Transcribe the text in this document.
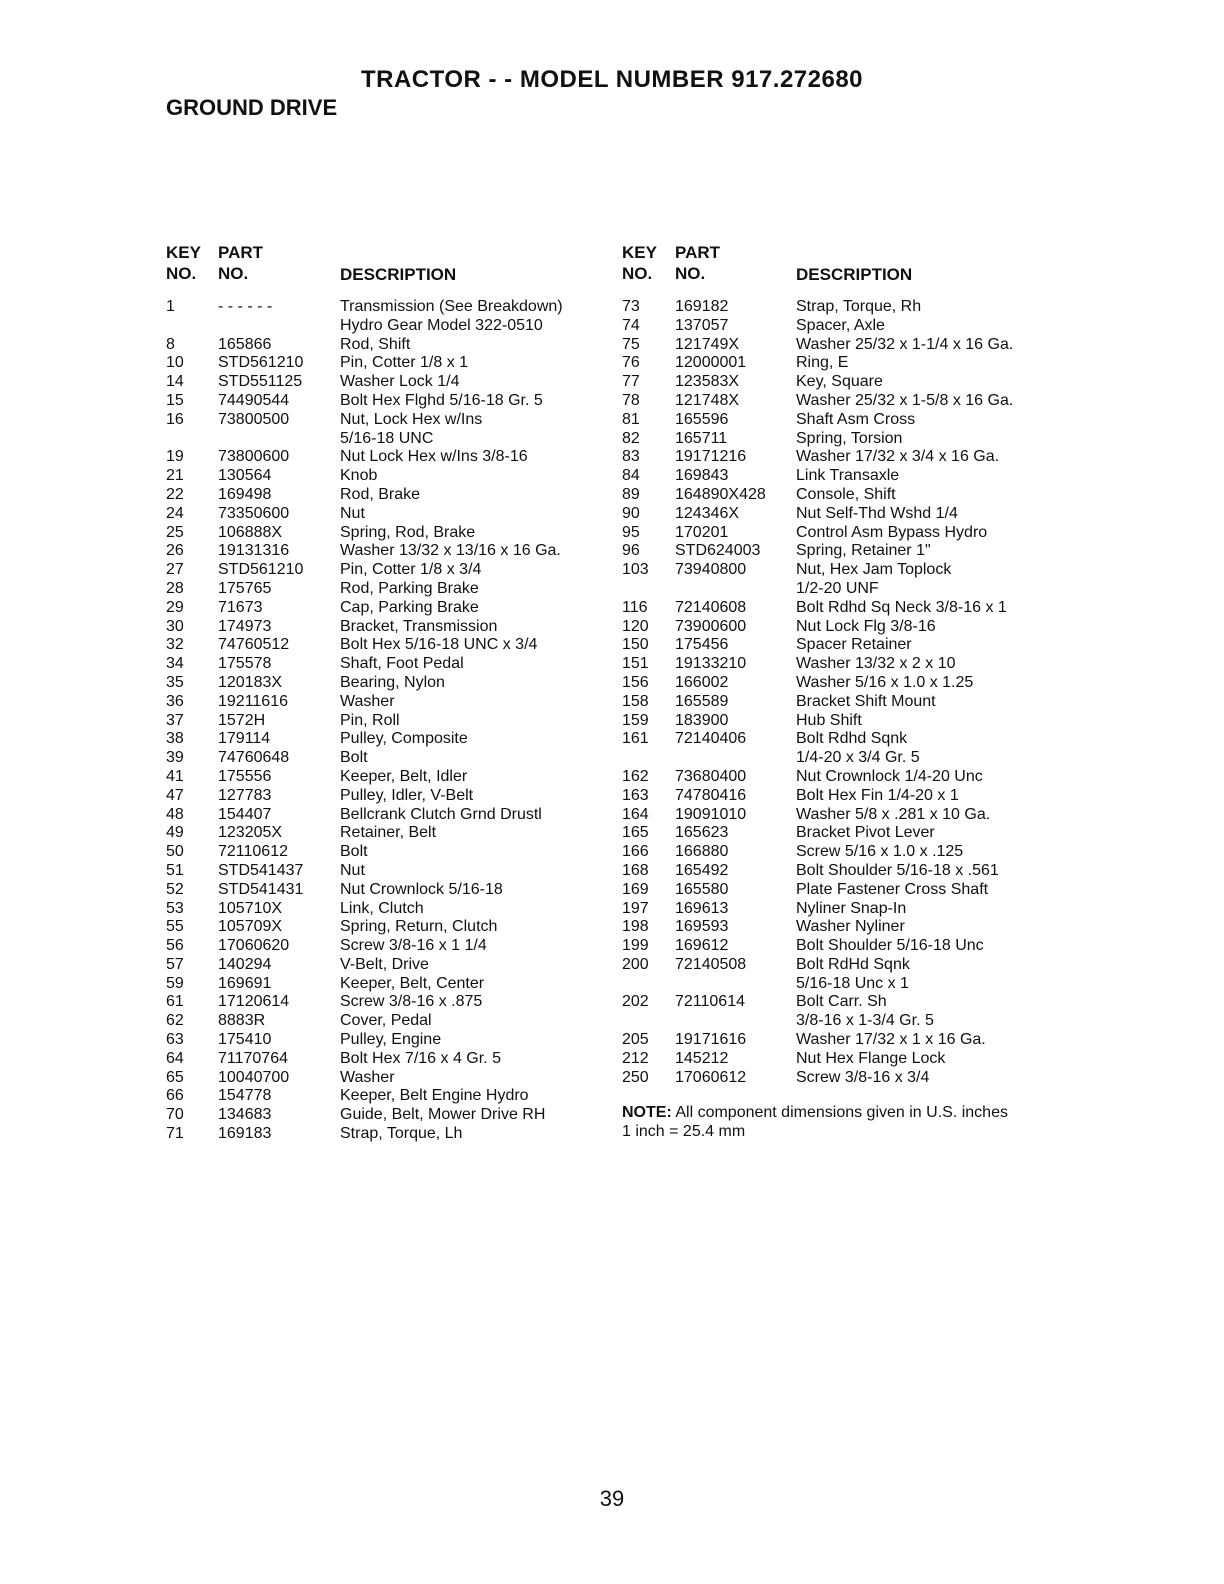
TRACTOR - - MODEL NUMBER 917.272680
GROUND DRIVE
KEY
NO.
PART
NO.	DESCRIPTION
1	- - - - - -	Transmission (See Breakdown)
Hydro Gear Model 322-0510
8	165866	Rod, Shift
10 STD561210 Pin, Cotter 1/8 x 1
14 STD551125 Washer Lock 1/4
15 74490544	Bolt Hex Flghd 5/16-18 Gr. 5
16 73800500	Nut, Lock Hex w/Ins
5/16-18 UNC
19 73800600	Nut Lock Hex w/Ins 3/8-16
21 130564	Knob
22 169498	Rod, Brake
24 73350600	Nut
25 106888X	Spring, Rod, Brake
26 19131316	Washer 13/32 x 13/16 x 16 Ga.
27 STD561210 Pin, Cotter 1/8 x 3/4
28 175765	Rod, Parking Brake
29 71673	Cap, Parking Brake
30 174973	Bracket, Transmission
32 74760512	Bolt Hex 5/16-18 UNC x 3/4
34 175578	Shaft, Foot Pedal
35 120183X	Bearing, Nylon
36 19211616	Washer
37 1572H	Pin, Roll
38 179114	Pulley, Composite
39 74760648	Bolt
41 175556	Keeper, Belt, Idler
47 127783	Pulley, Idler, V-Belt
48 154407	Bellcrank Clutch Grnd Drustl
49 123205X	Retainer, Belt
50 72110612	Bolt
51 STD541437 Nut
52 STD541431 Nut Crownlock 5/16-18
53 105710X	Link, Clutch
55 105709X	Spring, Return, Clutch
56 17060620	Screw 3/8-16 x 1 1/4
57 140294	V-Belt, Drive
59 169691	Keeper, Belt, Center
61 17120614	Screw 3/8-16 x .875
62 8883R	Cover, Pedal
63 175410	Pulley, Engine
64 71170764	Bolt Hex 7/16 x 4 Gr. 5
65 10040700	Washer
66 154778	Keeper, Belt Engine Hydro
70 134683	Guide, Belt, Mower Drive RH
71 169183	Strap, Torque, Lh
KEY
NO.
PART
NO.	DESCRIPTION
73 169182	Strap, Torque, Rh
74 137057	Spacer, Axle
75 121749X	Washer 25/32 x 1-1/4 x 16 Ga.
76 12000001	Ring, E
77 123583X	Key, Square
78 121748X	Washer 25/32 x 1-5/8 x 16 Ga.
81 165596	Shaft Asm Cross
82 165711	Spring, Torsion
83 19171216	Washer 17/32 x 3/4 x 16 Ga.
84 169843	Link Transaxle
89 164890X428 Console, Shift
90 124346X	Nut Self-Thd Wshd 1/4
95 170201	Control Asm Bypass Hydro
96 STD624003 Spring, Retainer 1"
103 73940800	Nut, Hex Jam Toplock
1/2-20 UNF
116 72140608	Bolt Rdhd Sq Neck 3/8-16 x 1
120 73900600	Nut Lock Flg 3/8-16
150 175456	Spacer Retainer
151 19133210	Washer 13/32 x 2 x 10
156 166002	Washer 5/16 x 1.0 x 1.25
158 165589	Bracket Shift Mount
159 183900	Hub Shift
161 72140406	Bolt Rdhd Sqnk
1/4-20 x 3/4 Gr. 5
162 73680400	Nut Crownlock 1/4-20 Unc
163 74780416	Bolt Hex Fin 1/4-20 x 1
164 19091010	Washer 5/8 x .281 x 10 Ga.
165 165623	Bracket Pivot Lever
166 166880	Screw 5/16 x 1.0 x .125
168 165492	Bolt Shoulder 5/16-18 x .561
169 165580	Plate Fastener Cross Shaft
197 169613	Nyliner Snap-In
198 169593	Washer Nyliner
199 169612	Bolt Shoulder 5/16-18 Unc
200 72140508	Bolt RdHd Sqnk
5/16-18 Unc x 1
202 72110614	Bolt Carr. Sh
3/8-16 x 1-3/4 Gr. 5
205 19171616	Washer 17/32 x 1 x 16 Ga.
212 145212	Nut Hex Flange Lock
250 17060612	Screw 3/8-16 x 3/4
NOTE: All component dimensions given in U.S. inches
1 inch = 25.4 mm

39
